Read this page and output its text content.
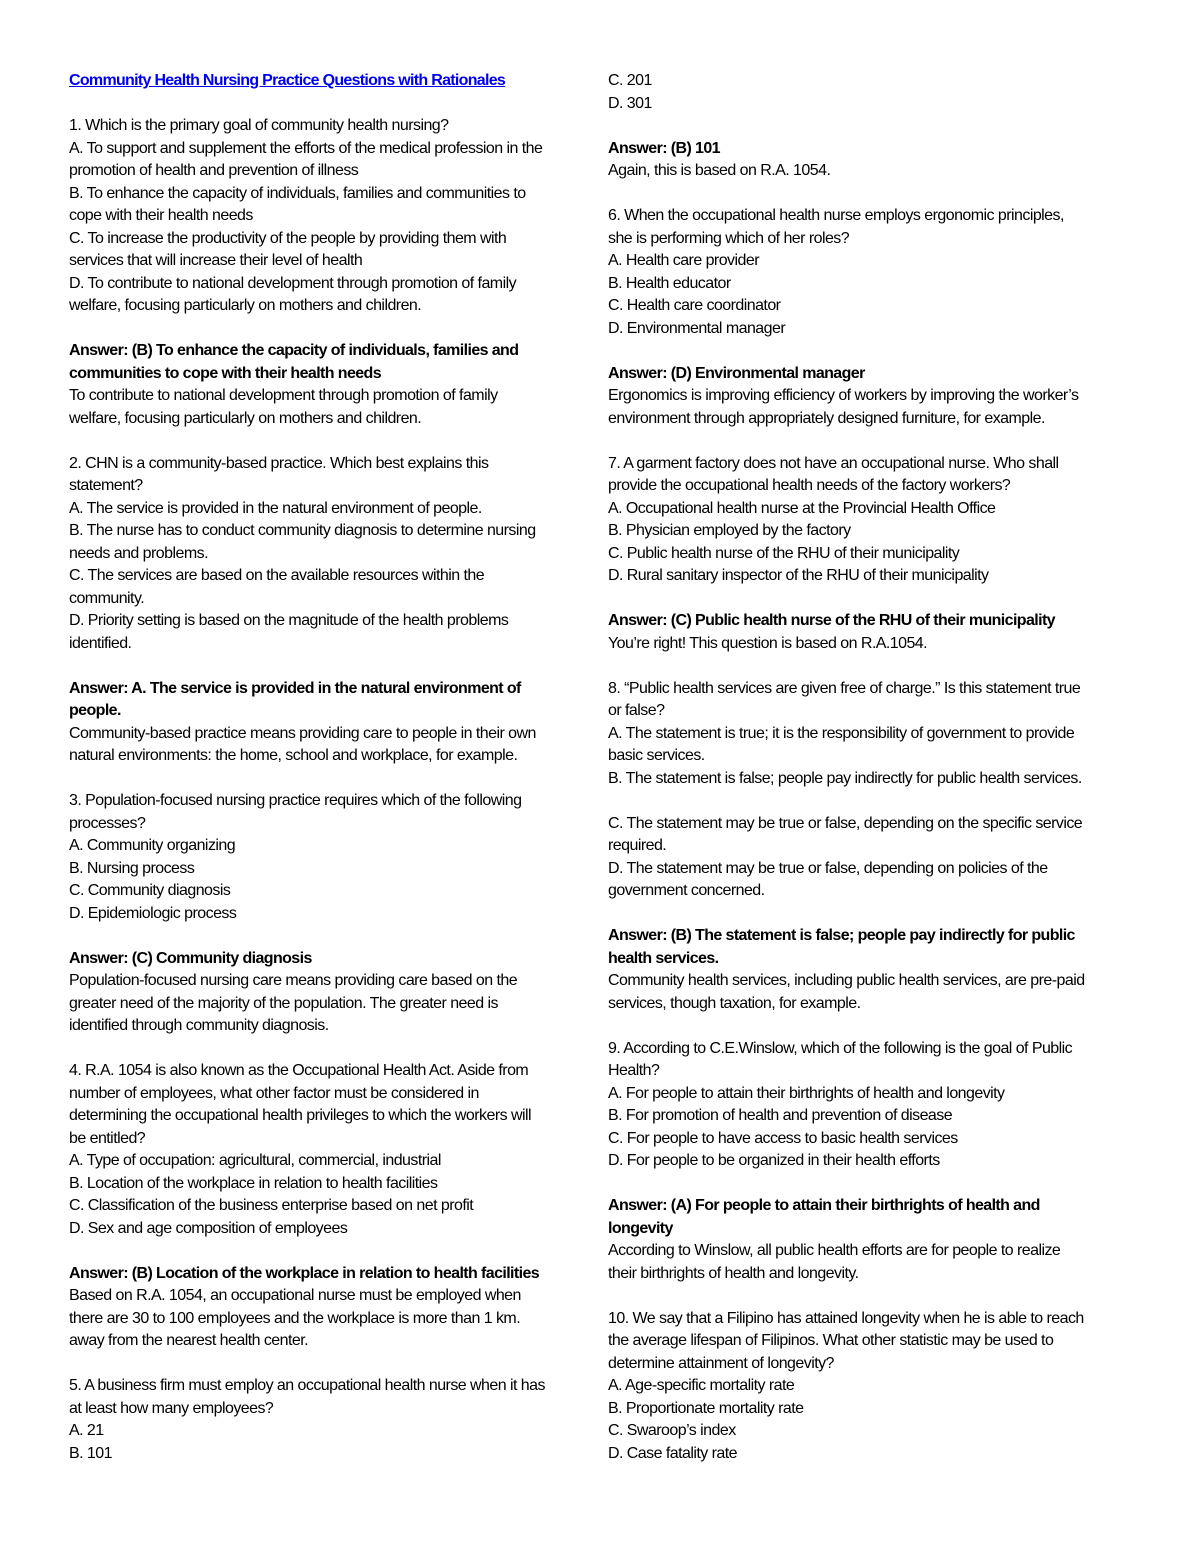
Community Health Nursing Practice Questions with Rationales
1. Which is the primary goal of community health nursing?
A. To support and supplement the efforts of the medical profession in the
promotion of health and prevention of illness
B. To enhance the capacity of individuals, families and communities to
cope with their health needs
C. To increase the productivity of the people by providing them with
services that will increase their level of health
D. To contribute to national development through promotion of family
welfare, focusing particularly on mothers and children.
Answer: (B) To enhance the capacity of individuals, families and
communities to cope with their health needs
To contribute to national development through promotion of family
welfare, focusing particularly on mothers and children.
2. CHN is a community-based practice. Which best explains this
statement?
A. The service is provided in the natural environment of people.
B. The nurse has to conduct community diagnosis to determine nursing
needs and problems.
C. The services are based on the available resources within the
community.
D. Priority setting is based on the magnitude of the health problems
identified.
Answer: A. The service is provided in the natural environment of
people.
Community-based practice means providing care to people in their own
natural environments: the home, school and workplace, for example.
3. Population-focused nursing practice requires which of the following
processes?
A. Community organizing
B. Nursing process
C. Community diagnosis
D. Epidemiologic process
Answer: (C) Community diagnosis
Population-focused nursing care means providing care based on the
greater need of the majority of the population. The greater need is
identified through community diagnosis.
4. R.A. 1054 is also known as the Occupational Health Act. Aside from
number of employees, what other factor must be considered in
determining the occupational health privileges to which the workers will
be entitled?
A. Type of occupation: agricultural, commercial, industrial
B. Location of the workplace in relation to health facilities
C. Classification of the business enterprise based on net profit
D. Sex and age composition of employees
Answer: (B) Location of the workplace in relation to health facilities
Based on R.A. 1054, an occupational nurse must be employed when
there are 30 to 100 employees and the workplace is more than 1 km.
away from the nearest health center.
5. A business firm must employ an occupational health nurse when it has
at least how many employees?
A. 21
B. 101
C. 201
D. 301
Answer: (B) 101
Again, this is based on R.A. 1054.
6. When the occupational health nurse employs ergonomic principles,
she is performing which of her roles?
A. Health care provider
B. Health educator
C. Health care coordinator
D. Environmental manager
Answer: (D) Environmental manager
Ergonomics is improving efficiency of workers by improving the worker’s
environment through appropriately designed furniture, for example.
7. A garment factory does not have an occupational nurse. Who shall
provide the occupational health needs of the factory workers?
A. Occupational health nurse at the Provincial Health Office
B. Physician employed by the factory
C. Public health nurse of the RHU of their municipality
D. Rural sanitary inspector of the RHU of their municipality
Answer: (C) Public health nurse of the RHU of their municipality
You’re right! This question is based on R.A.1054.
8. “Public health services are given free of charge.” Is this statement true
or false?
A. The statement is true; it is the responsibility of government to provide
basic services.
B. The statement is false; people pay indirectly for public health services.
C. The statement may be true or false, depending on the specific service
required.
D. The statement may be true or false, depending on policies of the
government concerned.
Answer: (B) The statement is false; people pay indirectly for public
health services.
Community health services, including public health services, are pre-paid
services, though taxation, for example.
9. According to C.E.Winslow, which of the following is the goal of Public
Health?
A. For people to attain their birthrights of health and longevity
B. For promotion of health and prevention of disease
C. For people to have access to basic health services
D. For people to be organized in their health efforts
Answer: (A) For people to attain their birthrights of health and
longevity
According to Winslow, all public health efforts are for people to realize
their birthrights of health and longevity.
10. We say that a Filipino has attained longevity when he is able to reach
the average lifespan of Filipinos. What other statistic may be used to
determine attainment of longevity?
A. Age-specific mortality rate
B. Proportionate mortality rate
C. Swaroop’s index
D. Case fatality rate
